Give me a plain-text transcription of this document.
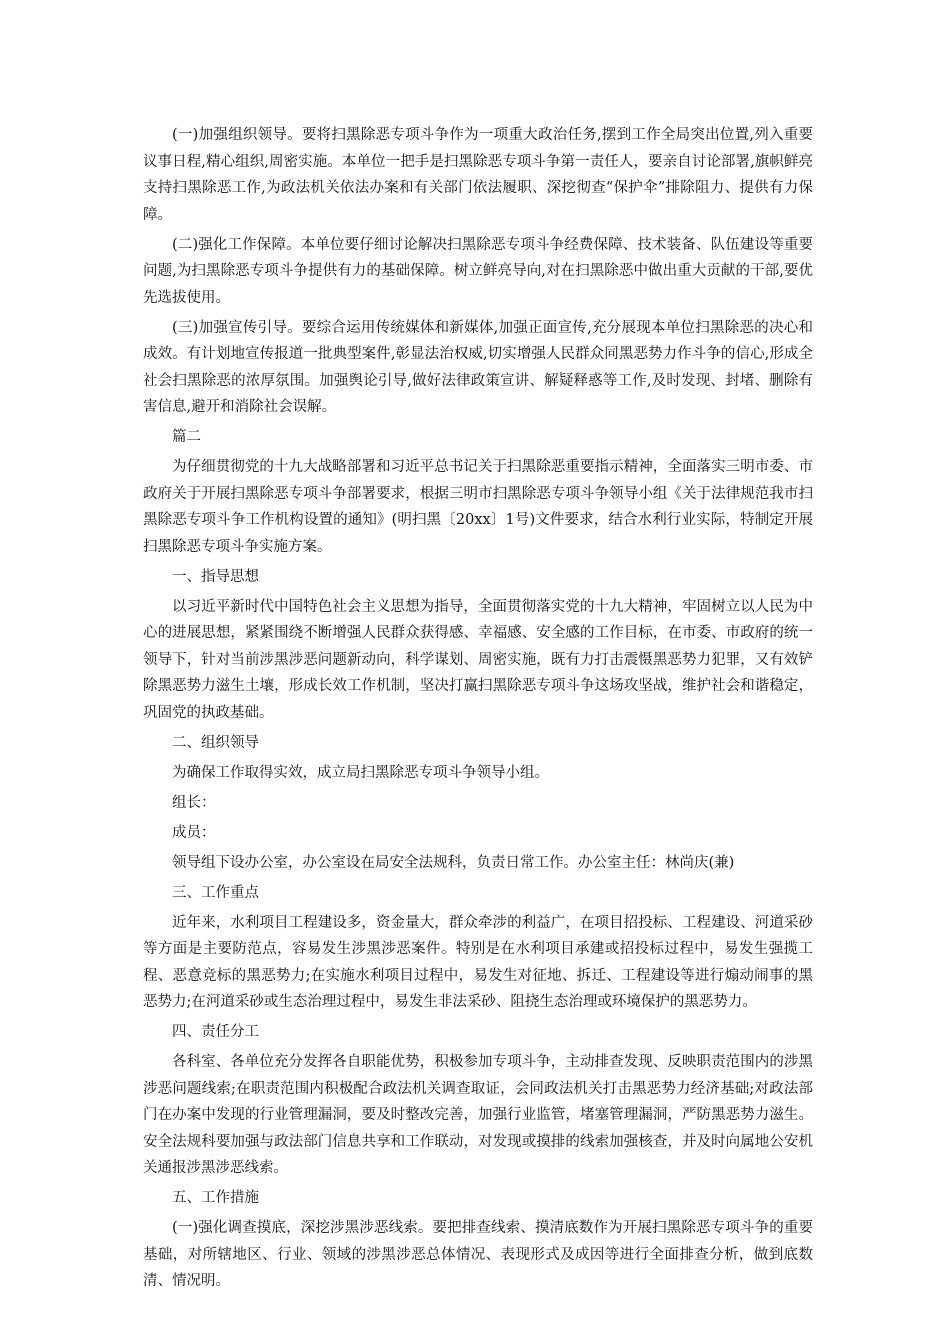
(一)加强组织领导。要将扫黑除恶专项斗争作为一项重大政治任务,摆到工作全局突出位置,列入重要议事日程,精心组织,周密实施。本单位一把手是扫黑除恶专项斗争第一责任人，要亲自讨论部署,旗帜鲜亮支持扫黑除恶工作,为政法机关依法办案和有关部门依法履职、深挖彻查“保护伞”排除阻力、提供有力保障。

(二)强化工作保障。本单位要仔细讨论解决扫黑除恶专项斗争经费保障、技术装备、队伍建设等重要问题,为扫黑除恶专项斗争提供有力的基础保障。树立鲜亮导向,对在扫黑除恶中做出重大贡献的干部,要优先选拔使用。

(三)加强宣传引导。要综合运用传统媒体和新媒体,加强正面宣传,充分展现本单位扫黑除恶的决心和成效。有计划地宣传报道一批典型案件,彰显法治权威,切实增强人民群众同黑恶势力作斗争的信心,形成全社会扫黑除恶的浓厚氛围。加强舆论引导,做好法律政策宣讲、解疑释惑等工作,及时发现、封堵、删除有害信息,避开和消除社会误解。

篇二

为仔细贯彻党的十九大战略部署和习近平总书记关于扫黑除恶重要指示精神，全面落实三明市委、市政府关于开展扫黑除恶专项斗争部署要求，根据三明市扫黑除恶专项斗争领导小组《关于法律规范我市扫黑除恶专项斗争工作机构设置的通知》(明扫黑〔20xx〕1号)文件要求，结合水利行业实际，特制定开展扫黑除恶专项斗争实施方案。

一、指导思想

以习近平新时代中国特色社会主义思想为指导，全面贯彻落实党的十九大精神，牢固树立以人民为中心的进展思想，紧紧围绕不断增强人民群众获得感、幸福感、安全感的工作目标，在市委、市政府的统一领导下，针对当前涉黑涉恶问题新动向，科学谋划、周密实施，既有力打击震慑黑恶势力犯罪，又有效铲除黑恶势力滋生土壤，形成长效工作机制，坚决打赢扫黑除恶专项斗争这场攻坚战，维护社会和谐稳定，巩固党的执政基础。

二、组织领导

为确保工作取得实效，成立局扫黑除恶专项斗争领导小组。

组长：

成员：

领导组下设办公室，办公室设在局安全法规科，负责日常工作。办公室主任：林尚庆(兼)

三、工作重点

近年来，水利项目工程建设多，资金量大，群众牵涉的利益广，在项目招投标、工程建设、河道采砂等方面是主要防范点，容易发生涉黑涉恶案件。特别是在水利项目承建或招投标过程中，易发生强揽工程、恶意竞标的黑恶势力;在实施水利项目过程中，易发生对征地、拆迁、工程建设等进行煽动闹事的黑恶势力;在河道采砂或生态治理过程中，易发生非法采砂、阻挠生态治理或环境保护的黑恶势力。

四、责任分工

各科室、各单位充分发挥各自职能优势，积极参加专项斗争，主动排查发现、反映职责范围内的涉黑涉恶问题线索;在职责范围内积极配合政法机关调查取证，会同政法机关打击黑恶势力经济基础;对政法部门在办案中发现的行业管理漏洞，要及时整改完善，加强行业监管，堵塞管理漏洞，严防黑恶势力滋生。安全法规科要加强与政法部门信息共享和工作联动，对发现或摸排的线索加强核查，并及时向属地公安机关通报涉黑涉恶线索。

五、工作措施

(一)强化调查摸底，深挖涉黑涉恶线索。要把排查线索、摸清底数作为开展扫黑除恶专项斗争的重要基础，对所辖地区、行业、领域的涉黑涉恶总体情况、表现形式及成因等进行全面排查分析，做到底数清、情况明。
